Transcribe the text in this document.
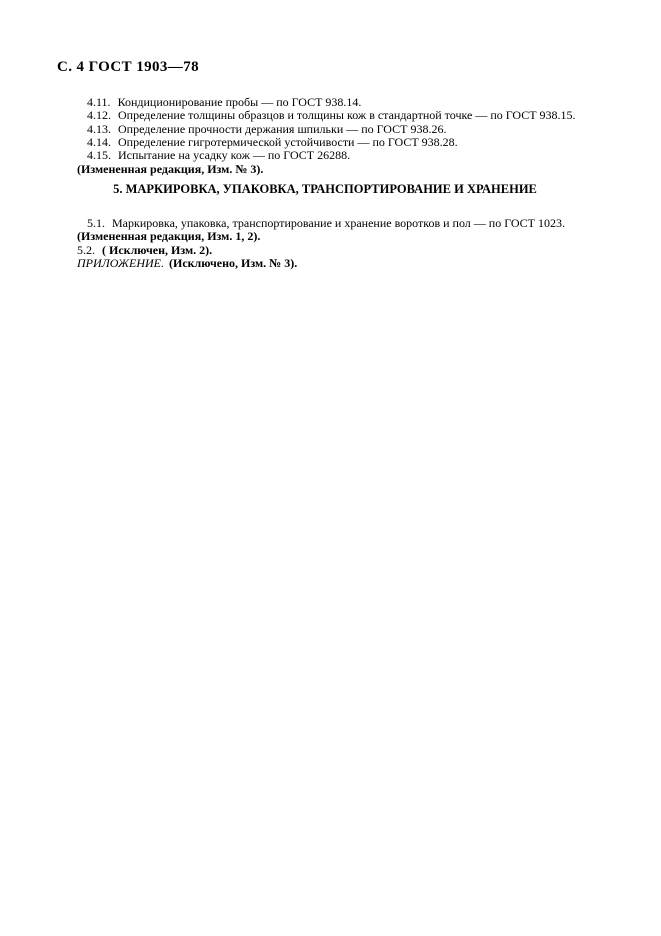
С. 4 ГОСТ 1903—78
4.11. Кондиционирование пробы — по ГОСТ 938.14.
4.12. Определение толщины образцов и толщины кож в стандартной точке — по ГОСТ 938.15.
4.13. Определение прочности держания шпильки — по ГОСТ 938.26.
4.14. Определение гигротермической устойчивости — по ГОСТ 938.28.
4.15. Испытание на усадку кож — по ГОСТ 26288.
(Измененная редакция, Изм. № 3).
5. МАРКИРОВКА, УПАКОВКА, ТРАНСПОРТИРОВАНИЕ И ХРАНЕНИЕ
5.1. Маркировка, упаковка, транспортирование и хранение воротков и пол — по ГОСТ 1023.
(Измененная редакция, Изм. 1, 2).
5.2. ( Исключен, Изм. 2).
ПРИЛОЖЕНИЕ. (Исключено, Изм. № 3).
